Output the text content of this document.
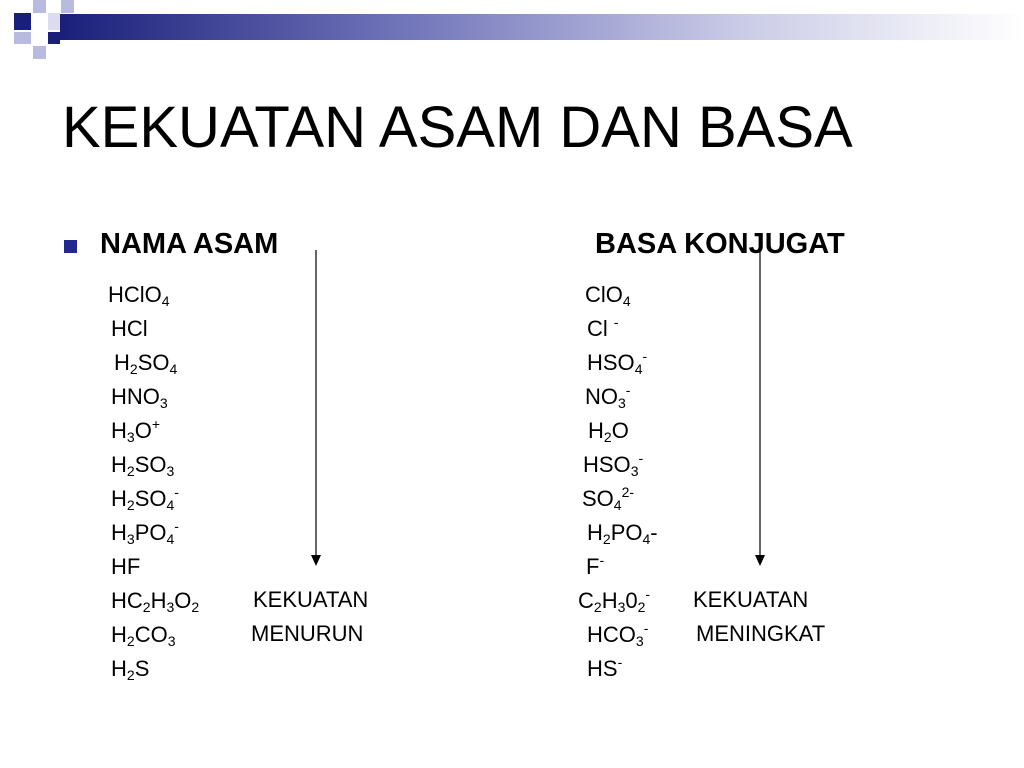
KEKUATAN ASAM DAN BASA
NAMA ASAM	BASA KONJUGAT
HClO$_4$
HCl
$H_2SO_4$
$HNO_3$
$H_3O^+$
$H_2SO_3$
$H_2SO_4^-$
$H_3PO_4^-$
HF
$HC_2H_3O_2$
$H_2CO_3$
$H_2S$
ClO$_4$
Cl -
$HSO_4^-$
$NO_3^-$
$H_2O$
$HSO_3^-$
$SO_4^{2-}$
$H_2PO_4-$
F-
$C_2H_30_2^-$
$HCO_3^-$
HS-
KEKUATAN
MENURUN
KEKUATAN
MENINGKAT
